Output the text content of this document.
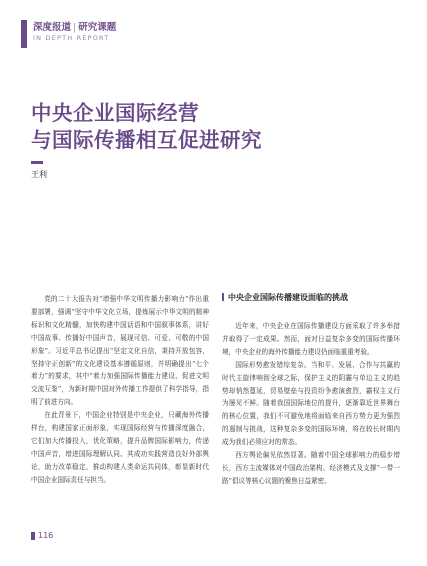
深度报道 | 研究课题
IN DEPTH REPORT
中央企业国际经营
与国际传播相互促进研究
王利

党的二十大报告对“增强中华文明传播力影响力”作出重要部署，强调“坚守中华文化立场，提炼展示中华文明的精神标识和文化精髓，加快构建中国话语和中国叙事体系，讲好中国故事、传播好中国声音，展现可信、可爱、可敬的中国形象”。习近平总书记提出“坚定文化自信，秉持开放包容，坚持守正创新”的文化建设基本遵循原则，并明确提出“七个着力”的要求，其中“着力加强国际传播能力建设、促进文明交流互鉴”，为新时期中国对外传播工作提供了科学指导，指明了前进方向。

在此背景下，中国企业特别是中央企业，只藏海外传播样台，构建国家正面形象，实现国际经营与传播深度融合，它们加大传播投入，优化策略，提升品牌国际影响力，传递中国声音，增进国际理解认同。其成功实践营造良好外部舆论，助力改革稳定，推动构建人类命运共同体，彰显新时代中国企业国际责任与担当。

中央企业国际传播建设面临的挑战

近年来，中央企业在国际传播建设方面采取了许多举措并取得了一定成果。然而，面对日益复杂多变的国际传播环境，中央企业的海外传播能力建设仍面临重重考验。

国际形势愈发错综复杂。当和平、发展、合作与共赢的时代主旋律响彻全球之际，保护主义的阴霾与单边主义的趋势却悄然蔓延，贸易壁垒与投资纷争愈演愈烈，霸权主义行为屡见不鲜。随着我国国际地位的提升，逐渐靠近世界舞台的核心位置，我们不可避免地将面临来自西方势力更为强烈的遏制与挑战，这种复杂多变的国际环境，将在较长时期内成为我们必须应对的常态。

西方舆论偏见依然显著。随着中国全球影响力的稳步增长，西方主流媒体对中国政治架构、经济模式及支撑“一带一路”倡议等核心议题的聚焦日益紧密。

116
